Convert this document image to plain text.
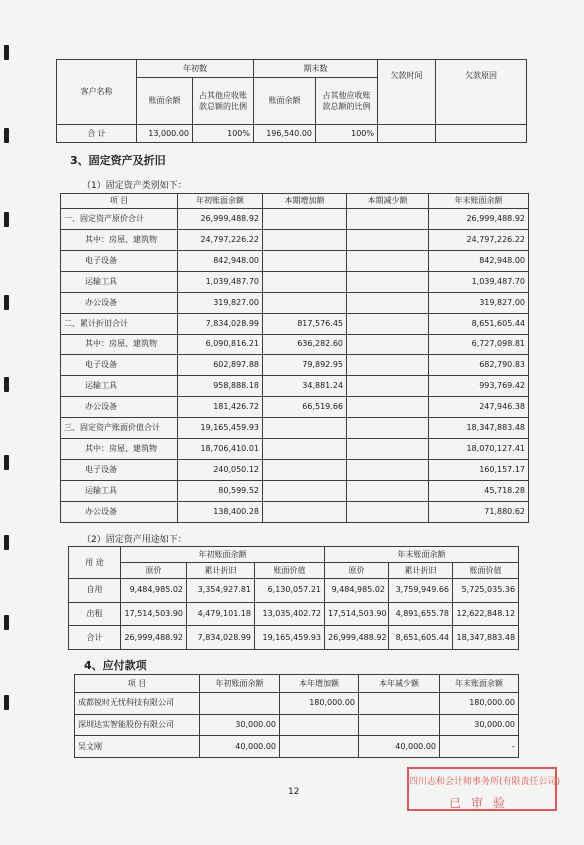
客户名称	年初数		期末数		欠款时间	欠款原因
	账面余额	占其他应收账款总额的比例	账面余额	占其他应收账款总额的比例		
合 计	13,000.00	100%	196,540.00	100%		
3、固定资产及折旧
（1）固定资产类别如下：
项 目	年初账面余额	本期增加额	本期减少额	年末账面余额
一、固定资产原价合计	26,999,488.92			26,999,488.92
其中：房屋、建筑物	24,797,226.22			24,797,226.22
电子设备	842,948.00			842,948.00
运输工具	1,039,487.70			1,039,487.70
办公设备	319,827.00			319,827.00
二、累计折旧合计	7,834,028.99	817,576.45		8,651,605.44
其中：房屋、建筑物	6,090,816.21	636,282.60		6,727,098.81
电子设备	602,897.88	79,892.95		682,790.83
运输工具	958,888.18	34,881.24		993,769.42
办公设备	181,426.72	66,519.66		247,946.38
三、固定资产账面价值合计	19,165,459.93			18,347,883.48
其中：房屋、建筑物	18,706,410.01			18,070,127.41
电子设备	240,050.12			160,157.17
运输工具	80,599.52			45,718.28
办公设备	138,400.28			71,880.62
（2）固定资产用途如下：
用 途	年初账面余额			年末账面余额		
	原价	累计折旧	账面价值	原价	累计折旧	账面价值
自用	9,484,985.02	3,354,927.81	6,130,057.21	9,484,985.02	3,759,949.66	5,725,035.36
出租	17,514,503.90	4,479,101.18	13,035,402.72	17,514,503.90	4,891,655.78	12,622,848.12
合计	26,999,488.92	7,834,028.99	19,165,459.93	26,999,488.92	8,651,605.44	18,347,883.48
4、应付款项
项 目	年初账面余额	本年增加额	本年减少额	年末账面余额
成都锐时无忧科技有限公司		180,000.00		180,000.00
深圳达实智能股份有限公司	30,000.00			30,000.00
吴文刚	40,000.00		40,000.00	-
12
四川志和会计师事务所(有限责任公司)
已审验
